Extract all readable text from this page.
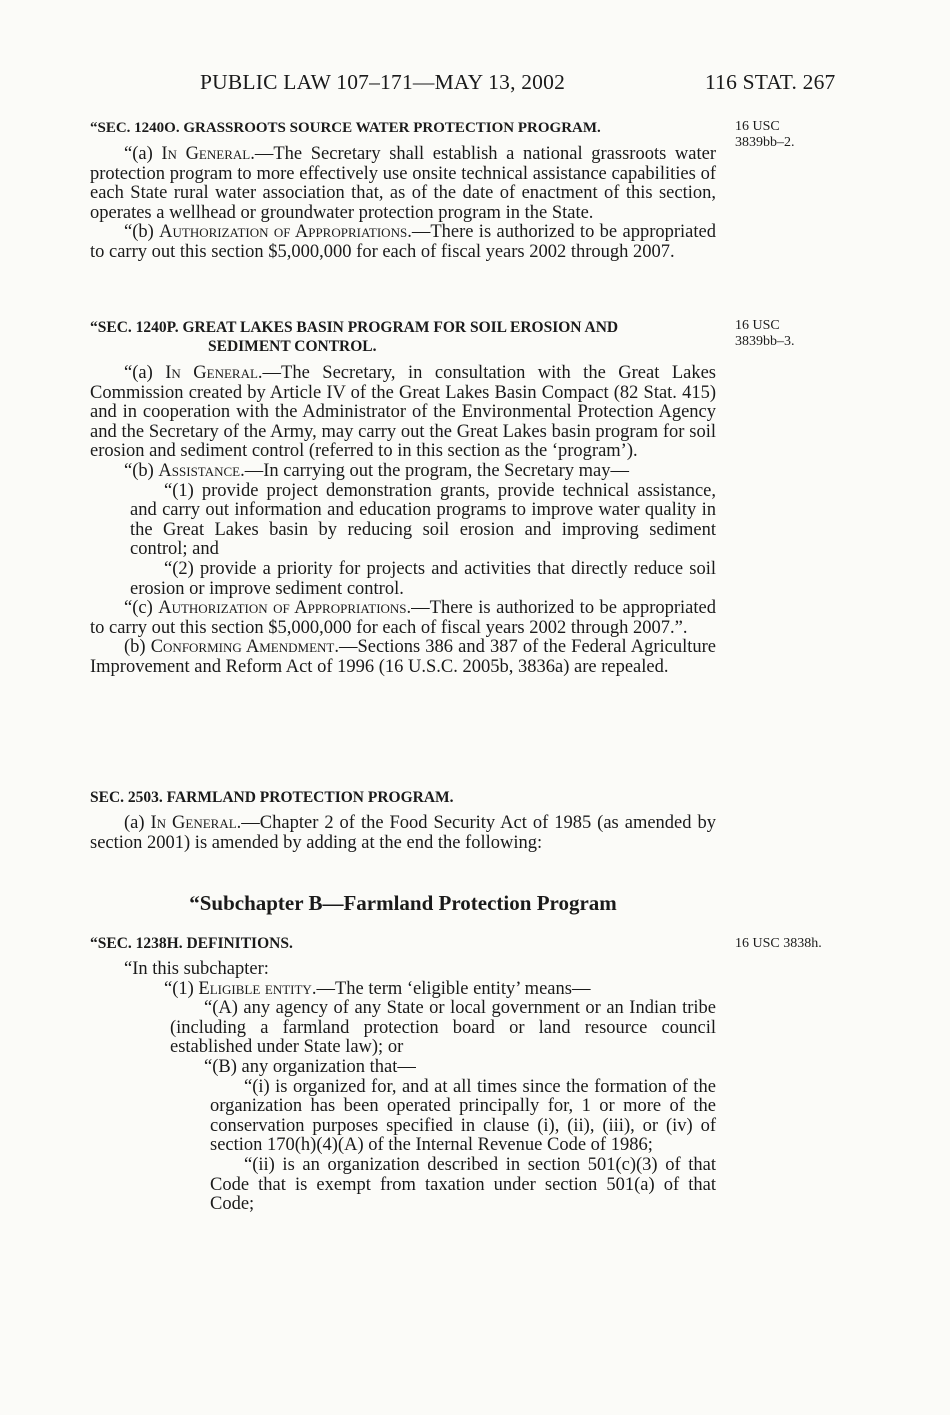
PUBLIC LAW 107–171—MAY 13, 2002	116 STAT. 267
16 USC
3839bb–2.
“SEC. 1240O. GRASSROOTS SOURCE WATER PROTECTION PROGRAM.

“(a) In General.—The Secretary shall establish a national grassroots water protection program to more effectively use onsite technical assistance capabilities of each State rural water association that, as of the date of enactment of this section, operates a wellhead or groundwater protection program in the State.

“(b) Authorization of Appropriations.—There is authorized to be appropriated to carry out this section $5,000,000 for each of fiscal years 2002 through 2007.

16 USC
3839bb–3.
“SEC. 1240P. GREAT LAKES BASIN PROGRAM FOR SOIL EROSION AND
SEDIMENT CONTROL.

“(a) In General.—The Secretary, in consultation with the Great Lakes Commission created by Article IV of the Great Lakes Basin Compact (82 Stat. 415) and in cooperation with the Administrator of the Environmental Protection Agency and the Secretary of the Army, may carry out the Great Lakes basin program for soil erosion and sediment control (referred to in this section as the ‘program’).

“(b) Assistance.—In carrying out the program, the Secretary may—

“(1) provide project demonstration grants, provide technical assistance, and carry out information and education programs to improve water quality in the Great Lakes basin by reducing soil erosion and improving sediment control; and

“(2) provide a priority for projects and activities that directly reduce soil erosion or improve sediment control.

“(c) Authorization of Appropriations.—There is authorized to be appropriated to carry out this section $5,000,000 for each of fiscal years 2002 through 2007.”.

(b) Conforming Amendment.—Sections 386 and 387 of the Federal Agriculture Improvement and Reform Act of 1996 (16 U.S.C. 2005b, 3836a) are repealed.

SEC. 2503. FARMLAND PROTECTION PROGRAM.

(a) In General.—Chapter 2 of the Food Security Act of 1985 (as amended by section 2001) is amended by adding at the end the following:

“Subchapter B—Farmland Protection Program
16 USC 3838h.
“SEC. 1238H. DEFINITIONS.

“In this subchapter:

“(1) Eligible entity.—The term ‘eligible entity’ means—

“(A) any agency of any State or local government or an Indian tribe (including a farmland protection board or land resource council established under State law); or

“(B) any organization that—

“(i) is organized for, and at all times since the formation of the organization has been operated principally for, 1 or more of the conservation purposes specified in clause (i), (ii), (iii), or (iv) of section 170(h)(4)(A) of the Internal Revenue Code of 1986;

“(ii) is an organization described in section 501(c)(3) of that Code that is exempt from taxation under section 501(a) of that Code;
